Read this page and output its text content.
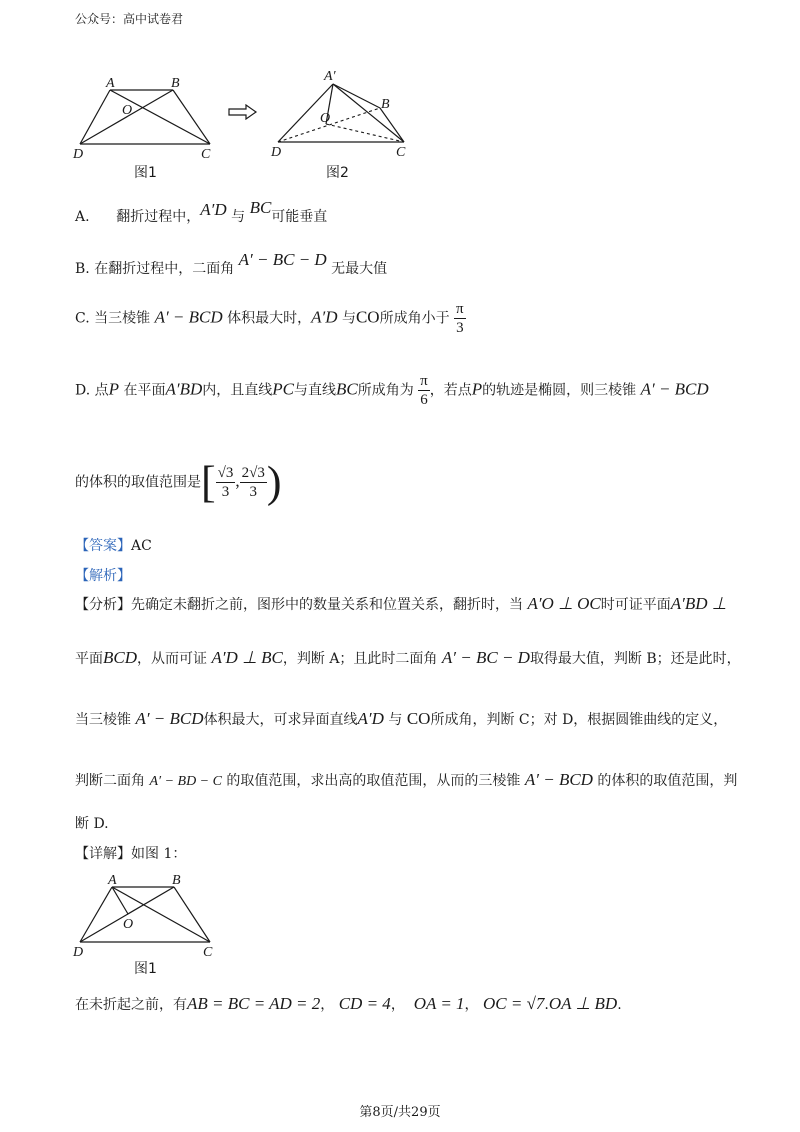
公众号：高中试卷君
A	B
D	C
O
图1
A′
B
D	C
O
图2
A. 翻折过程中，A′D 与 BC可能垂直
B. 在翻折过程中，二面角 A′ − BC − D 无最大值
C. 当三棱锥 A′ − BCD 体积最大时，A′D 与CO所成角小于 $\frac{\pi}{3}$
D. 点P 在平面A′BD内，且直线PC与直线BC所成角为 $\frac{\pi}{6}$ ，若点P的轨迹是椭圆，则三棱锥 A′ − BCD
的体积的取值范围是[ $\frac{√3}{3}$ , $\frac{2√3}{3}$ )
【答案】AC
【解析】
【分析】先确定未翻折之前，图形中的数量关系和位置关系，翻折时，当 A′O ⊥ OC时可证平面A′BD ⊥
平面BCD，从而可证 A′D ⊥ BC，判断 A；且此时二面角 A′ − BC − D取得最大值，判断 B；还是此时，
当三棱锥 A′ − BCD体积最大，可求异面直线A′D 与 CO所成角，判断 C；对 D，根据圆锥曲线的定义，
判断二面角 A′ − BD − C 的取值范围，求出高的取值范围，从而的三棱锥 A′ − BCD 的体积的取值范围，判
断 D.
【详解】如图 1：
A	B
D	C
O
图1
在未折起之前，有AB = BC = AD = 2， CD = 4， OA = 1， OC = √7.OA ⊥ BD.
第8页/共29页
